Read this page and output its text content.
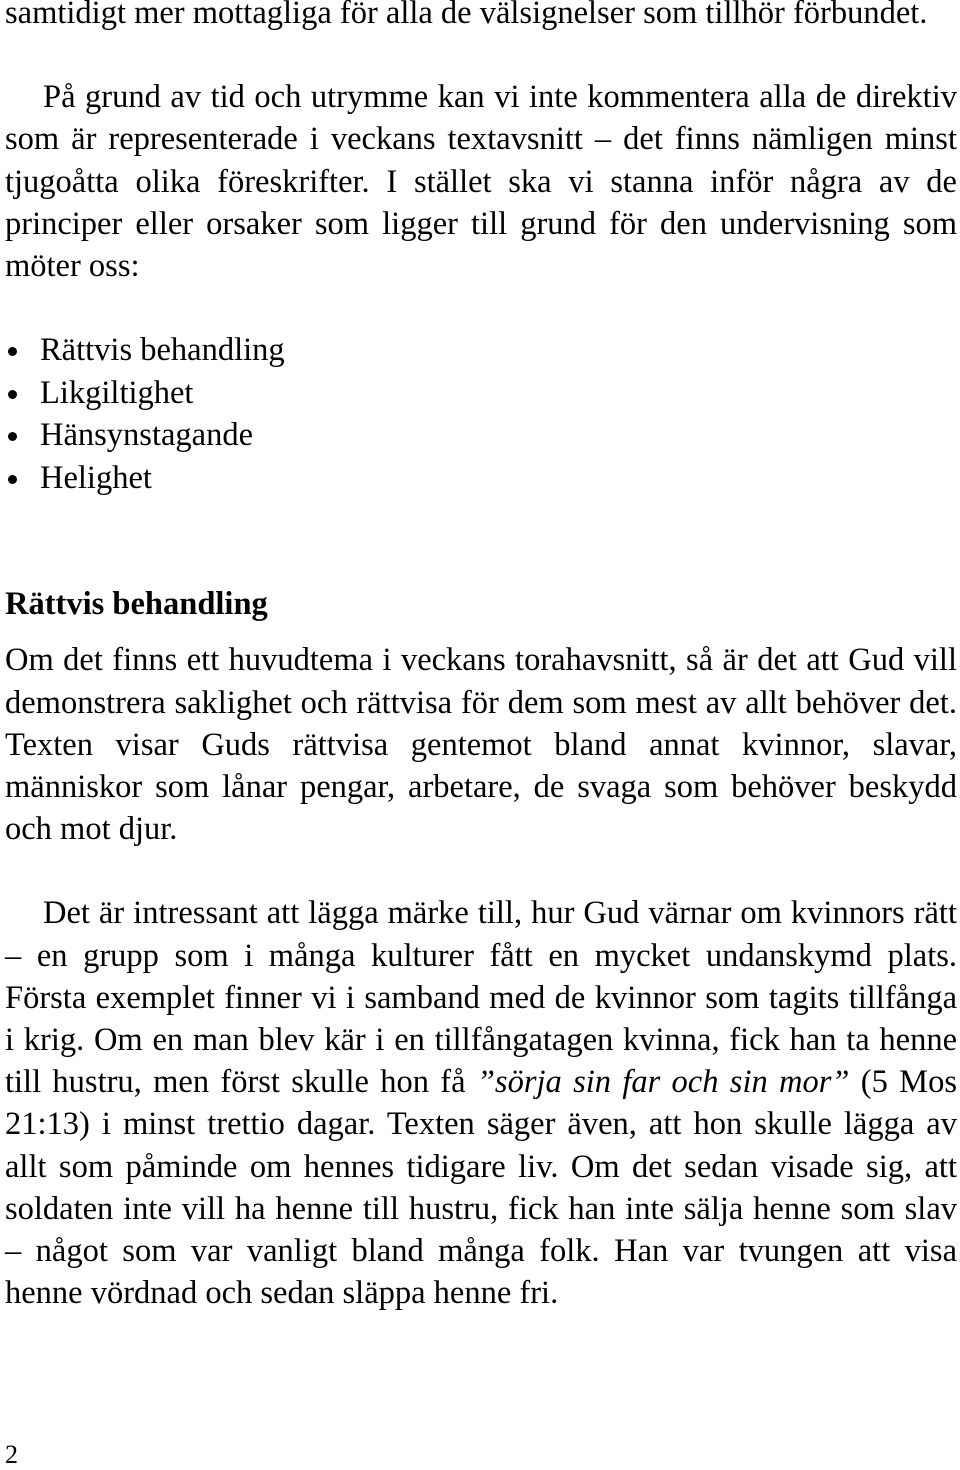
samtidigt mer mottagliga för alla de välsignelser som tillhör förbundet.

På grund av tid och utrymme kan vi inte kommentera alla de direktiv som är representerade i veckans textavsnitt – det finns nämligen minst tjugoåtta olika föreskrifter. I stället ska vi stanna inför några av de principer eller orsaker som ligger till grund för den undervisning som möter oss:

Rättvis behandling
Likgiltighet
Hänsynstagande
Helighet
Rättvis behandling

Om det finns ett huvudtema i veckans torahavsnitt, så är det att Gud vill demonstrera saklighet och rättvisa för dem som mest av allt behöver det. Texten visar Guds rättvisa gentemot bland annat kvinnor, slavar, människor som lånar pengar, arbetare, de svaga som behöver beskydd och mot djur.

Det är intressant att lägga märke till, hur Gud värnar om kvinnors rätt – en grupp som i många kulturer fått en mycket undanskymd plats. Första exemplet finner vi i samband med de kvinnor som tagits tillfånga i krig. Om en man blev kär i en tillfångatagen kvinna, fick han ta henne till hustru, men först skulle hon få ”sörja sin far och sin mor” (5 Mos 21:13) i minst trettio dagar. Texten säger även, att hon skulle lägga av allt som påminde om hennes tidigare liv. Om det sedan visade sig, att soldaten inte vill ha henne till hustru, fick han inte sälja henne som slav – något som var vanligt bland många folk. Han var tvungen att visa henne vördnad och sedan släppa henne fri.

2
